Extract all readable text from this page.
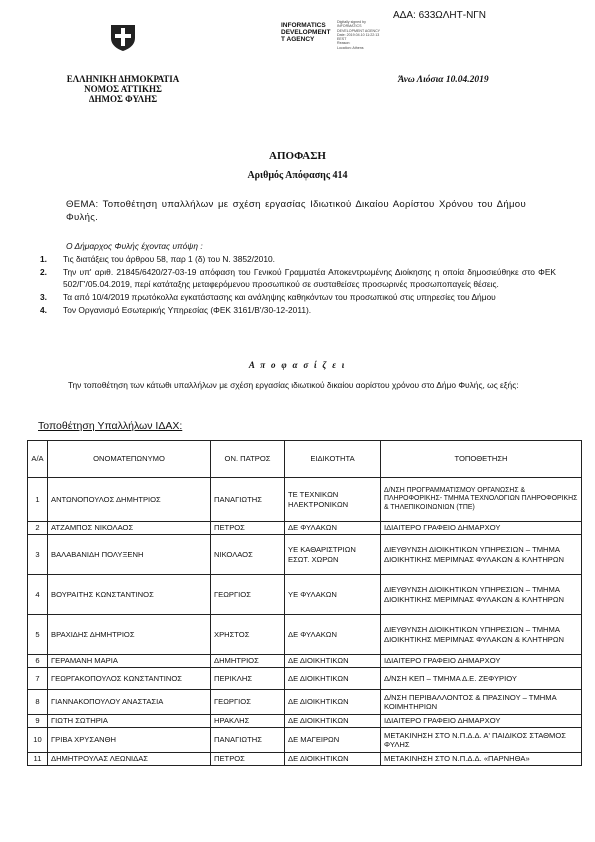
ΑΔΑ: 633ΩΛΗΤ-ΝΓΝ
INFORMATICS
DEVELOPMENT
T AGENCY
Digitally signed by
INFORMATICS
DEVELOPMENT AGENCY
Date: 2019.04.10 11:22:13
EEST
Reason:
Location: Athens
ΕΛΛΗΝΙΚΗ ΔΗΜΟΚΡΑΤΙΑ
ΝΟΜΟΣ ΑΤΤΙΚΗΣ
ΔΗΜΟΣ ΦΥΛΗΣ
Άνω Λιόσια 10.04.2019
ΑΠΟΦΑΣΗ
Αριθμός Απόφασης 414
ΘΕΜΑ: Τοποθέτηση υπαλλήλων με σχέση εργασίας Ιδιωτικού Δικαίου Αορίστου Χρόνου του Δήμου Φυλής.
Ο Δήμαρχος Φυλής έχοντας υπόψη :
1.	Τις διατάξεις του άρθρου 58, παρ 1 (δ) του Ν. 3852/2010.
2.	Την υπ' αριθ. 21845/6420/27-03-19 απόφαση του Γενικού Γραμματέα Αποκεντρωμένης Διοίκησης η οποία δημοσιεύθηκε στο ΦΕΚ 502/Γ'/05.04.2019, περί κατάταξης μεταφερόμενου προσωπικού σε συσταθείσες προσωρινές προσωποπαγείς θέσεις.
3.	Τα από 10/4/2019 πρωτόκολλα εγκατάστασης και ανάληψης καθηκόντων του προσωπικού στις υπηρεσίες του Δήμου
4.	Τον Οργανισμό Εσωτερικής Υπηρεσίας (ΦΕΚ 3161/Β'/30-12-2011).
Α π ο φ α σ ί ζ ε ι
Την τοποθέτηση των κάτωθι υπαλλήλων με σχέση εργασίας ιδιωτικού δικαίου αορίστου χρόνου στο Δήμο Φυλής, ως εξής:
Τοποθέτηση Υπαλλήλων ΙΔΑΧ:
Α/Α	ΟΝΟΜΑΤΕΠΩΝΥΜΟ	ΟΝ. ΠΑΤΡΟΣ	ΕΙΔΙΚΟΤΗΤΑ	ΤΟΠΟΘΕΤΗΣΗ
1	ΑΝΤΩΝΟΠΟΥΛΟΣ ΔΗΜΗΤΡΙΟΣ	ΠΑΝΑΓΙΩΤΗΣ	ΤΕ ΤΕΧΝΙΚΩΝ ΗΛΕΚΤΡΟΝΙΚΩΝ	Δ/ΝΣΗ ΠΡΟΓΡΑΜΜΑΤΙΣΜΟΥ ΟΡΓΑΝΩΣΗΣ & ΠΛΗΡΟΦΟΡΙΚΗΣ- ΤΜΗΜΑ ΤΕΧΝΟΛΟΓΙΩΝ ΠΛΗΡΟΦΟΡΙΚΗΣ & ΤΗΛΕΠΙΚΟΙΝΩΝΙΩΝ (ΤΠΕ)
2	ΑΤΖΑΜΠΟΣ ΝΙΚΟΛΑΟΣ	ΠΕΤΡΟΣ	ΔΕ ΦΥΛΑΚΩΝ	ΙΔΙΑΙΤΕΡΟ ΓΡΑΦΕΙΟ ΔΗΜΑΡΧΟΥ
3	ΒΑΛΑΒΑΝΙΔΗ ΠΟΛΥΞΕΝΗ	ΝΙΚΟΛΑΟΣ	ΥΕ ΚΑΘΑΡΙΣΤΡΙΩΝ ΕΣΩΤ. ΧΩΡΩΝ	ΔΙΕΥΘΥΝΣΗ ΔΙΟΙΚΗΤΙΚΩΝ ΥΠΗΡΕΣΙΩΝ – ΤΜΗΜΑ ΔΙΟΙΚΗΤΙΚΗΣ ΜΕΡΙΜΝΑΣ ΦΥΛΑΚΩΝ & ΚΛΗΤΗΡΩΝ
4	ΒΟΥΡΑΙΤΗΣ ΚΩΝΣΤΑΝΤΙΝΟΣ	ΓΕΩΡΓΙΟΣ	ΥΕ ΦΥΛΑΚΩΝ	ΔΙΕΥΘΥΝΣΗ ΔΙΟΙΚΗΤΙΚΩΝ ΥΠΗΡΕΣΙΩΝ – ΤΜΗΜΑ ΔΙΟΙΚΗΤΙΚΗΣ ΜΕΡΙΜΝΑΣ ΦΥΛΑΚΩΝ & ΚΛΗΤΗΡΩΝ
5	ΒΡΑΧΙΔΗΣ ΔΗΜΗΤΡΙΟΣ	ΧΡΗΣΤΟΣ	ΔΕ ΦΥΛΑΚΩΝ	ΔΙΕΥΘΥΝΣΗ ΔΙΟΙΚΗΤΙΚΩΝ ΥΠΗΡΕΣΙΩΝ – ΤΜΗΜΑ ΔΙΟΙΚΗΤΙΚΗΣ ΜΕΡΙΜΝΑΣ ΦΥΛΑΚΩΝ & ΚΛΗΤΗΡΩΝ
6	ΓΕΡΑΜΑΝΗ ΜΑΡΙΑ	ΔΗΜΗΤΡΙΟΣ	ΔΕ ΔΙΟΙΚΗΤΙΚΩΝ	ΙΔΙΑΙΤΕΡΟ ΓΡΑΦΕΙΟ ΔΗΜΑΡΧΟΥ
7	ΓΕΩΡΓΑΚΟΠΟΥΛΟΣ ΚΩΝΣΤΑΝΤΙΝΟΣ	ΠΕΡΙΚΛΗΣ	ΔΕ ΔΙΟΙΚΗΤΙΚΩΝ	Δ/ΝΣΗ ΚΕΠ – ΤΜΗΜΑ Δ.Ε. ΖΕΦΥΡΙΟΥ
8	ΓΙΑΝΝΑΚΟΠΟΥΛΟΥ ΑΝΑΣΤΑΣΙΑ	ΓΕΩΡΓΙΟΣ	ΔΕ ΔΙΟΙΚΗΤΙΚΩΝ	Δ/ΝΣΗ ΠΕΡΙΒΑΛΛΟΝΤΟΣ & ΠΡΑΣΙΝΟΥ – ΤΜΗΜΑ ΚΟΙΜΗΤΗΡΙΩΝ
9	ΓΙΩΤΗ ΣΩΤΗΡΙΑ	ΗΡΑΚΛΗΣ	ΔΕ ΔΙΟΙΚΗΤΙΚΩΝ	ΙΔΙΑΙΤΕΡΟ ΓΡΑΦΕΙΟ ΔΗΜΑΡΧΟΥ
10	ΓΡΙΒΑ ΧΡΥΣΑΝΘΗ	ΠΑΝΑΓΙΩΤΗΣ	ΔΕ ΜΑΓΕΙΡΩΝ	ΜΕΤΑΚΙΝΗΣΗ ΣΤΟ Ν.Π.Δ.Δ. Α' ΠΑΙΔΙΚΟΣ ΣΤΑΘΜΟΣ ΦΥΛΗΣ
11	ΔΗΜΗΤΡΟΥΛΑΣ ΛΕΩΝΙΔΑΣ	ΠΕΤΡΟΣ	ΔΕ ΔΙΟΙΚΗΤΙΚΩΝ	ΜΕΤΑΚΙΝΗΣΗ ΣΤΟ Ν.Π.Δ.Δ. «ΠΑΡΝΗΘΑ»
